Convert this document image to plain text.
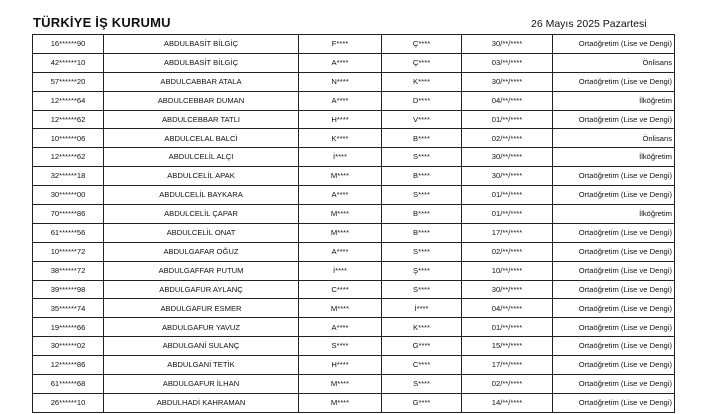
TÜRKİYE İŞ KURUMU	26 Mayıs 2025 Pazartesi
16******90	ABDULBASİT BİLGİÇ	F****	Ç****	30/**/****	Ortaöğretim (Lise ve Dengi)
42******10	ABDULBASİT BİLGİÇ	A****	Ç****	03/**/****	Önlisans
57******20	ABDULCABBAR ATALA	N****	K****	30/**/****	Ortaöğretim (Lise ve Dengi)
12******64	ABDULCEBBAR DUMAN	A****	D****	04/**/****	İlköğretim
12******62	ABDULCEBBAR TATLI	H****	V****	01/**/****	Ortaöğretim (Lise ve Dengi)
10******06	ABDULCELAL BALCİ	K****	B****	02/**/****	Önlisans
12******62	ABDULCELİL ALÇI	İ****	S****	30/**/****	İlköğretim
32******18	ABDULCELİL APAK	M****	B****	30/**/****	Ortaöğretim (Lise ve Dengi)
30******00	ABDULCELİL BAYKARA	A****	S****	01/**/****	Ortaöğretim (Lise ve Dengi)
70******86	ABDULCELİL ÇAPAR	M****	B****	01/**/****	İlköğretim
61******56	ABDULCELİL ONAT	M****	B****	17/**/****	Ortaöğretim (Lise ve Dengi)
10******72	ABDULGAFAR OĞUZ	A****	S****	02/**/****	Ortaöğretim (Lise ve Dengi)
38******72	ABDULGAFFAR PUTUM	İ****	Ş****	10/**/****	Ortaöğretim (Lise ve Dengi)
39******98	ABDULGAFUR AYLANÇ	C****	S****	30/**/****	Ortaöğretim (Lise ve Dengi)
35******74	ABDULGAFUR ESMER	M****	İ****	04/**/****	Ortaöğretim (Lise ve Dengi)
19******66	ABDULGAFUR YAVUZ	A****	K****	01/**/****	Ortaöğretim (Lise ve Dengi)
30******02	ABDULGANİ SULANÇ	S****	G****	15/**/****	Ortaöğretim (Lise ve Dengi)
12******86	ABDULGANİ TETİK	H****	C****	17/**/****	Ortaöğretim (Lise ve Dengi)
61******68	ABDULGAFUR İLHAN	M****	S****	02/**/****	Ortaöğretim (Lise ve Dengi)
26******10	ABDULHADİ KAHRAMAN	M****	G****	14/**/****	Ortaöğretim (Lise ve Dengi)
